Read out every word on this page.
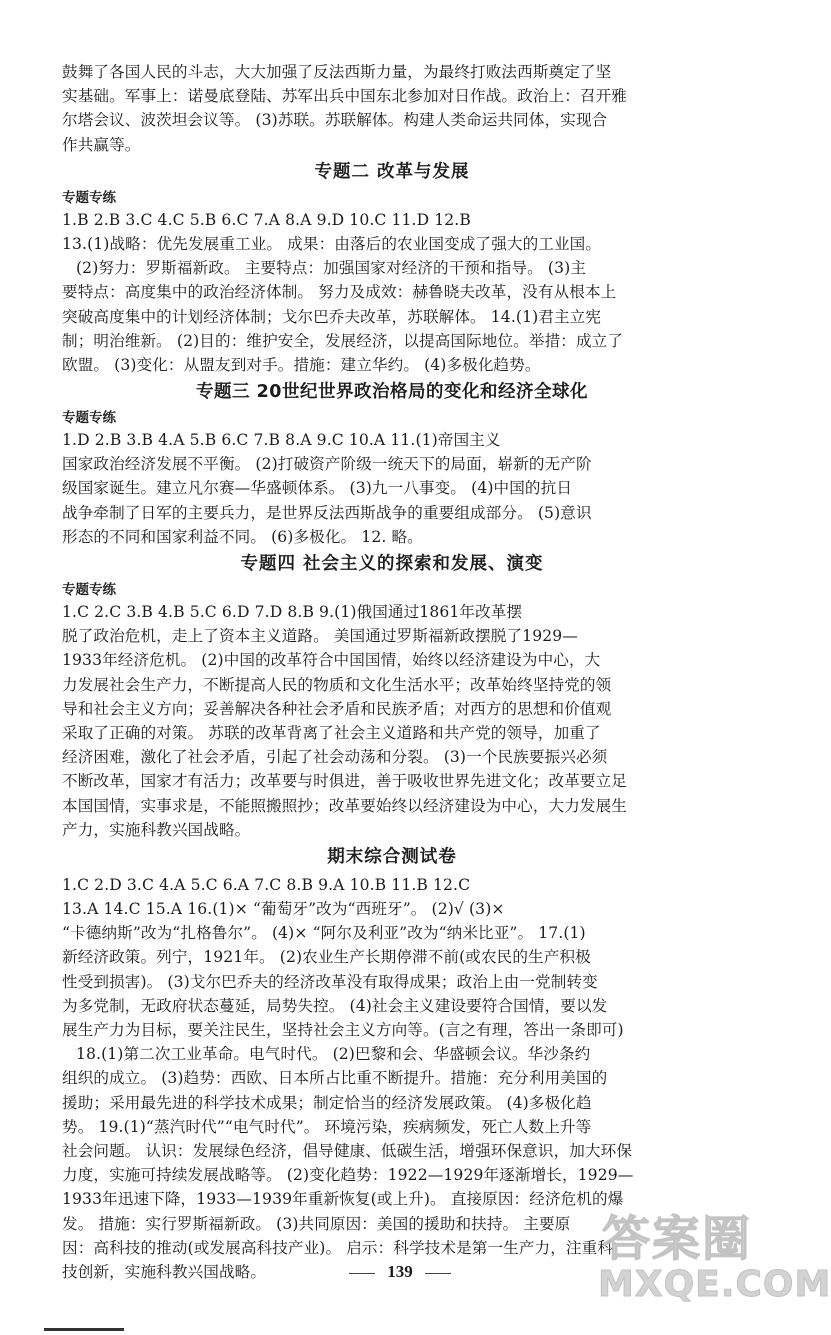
鼓舞了各国人民的斗志，大大加强了反法西斯力量，为最终打败法西斯奠定了坚

实基础。军事上：诺曼底登陆、苏军出兵中国东北参加对日作战。政治上：召开雅

尔塔会议、波茨坦会议等。 (3)苏联。苏联解体。构建人类命运共同体，实现合

作共赢等。

专题二 改革与发展
专题专练

1.B 2.B 3.C 4.C 5.B 6.C 7.A 8.A 9.D 10.C 11.D 12.B

13.(1)战略：优先发展重工业。 成果：由落后的农业国变成了强大的工业国。

(2)努力：罗斯福新政。 主要特点：加强国家对经济的干预和指导。 (3)主

要特点：高度集中的政治经济体制。 努力及成效：赫鲁晓夫改革，没有从根本上

突破高度集中的计划经济体制；戈尔巴乔夫改革，苏联解体。 14.(1)君主立宪

制；明治维新。 (2)目的：维护安全，发展经济，以提高国际地位。举措：成立了

欧盟。 (3)变化：从盟友到对手。措施：建立华约。 (4)多极化趋势。

专题三 20世纪世界政治格局的变化和经济全球化
专题专练

1.D 2.B 3.B 4.A 5.B 6.C 7.B 8.A 9.C 10.A 11.(1)帝国主义

国家政治经济发展不平衡。 (2)打破资产阶级一统天下的局面，崭新的无产阶

级国家诞生。建立凡尔赛—华盛顿体系。 (3)九一八事变。 (4)中国的抗日

战争牵制了日军的主要兵力，是世界反法西斯战争的重要组成部分。 (5)意识

形态的不同和国家利益不同。 (6)多极化。 12. 略。

专题四 社会主义的探索和发展、演变
专题专练

1.C 2.C 3.B 4.B 5.C 6.D 7.D 8.B 9.(1)俄国通过1861年改革摆

脱了政治危机，走上了资本主义道路。 美国通过罗斯福新政摆脱了1929—

1933年经济危机。 (2)中国的改革符合中国国情，始终以经济建设为中心，大

力发展社会生产力，不断提高人民的物质和文化生活水平；改革始终坚持党的领

导和社会主义方向；妥善解决各种社会矛盾和民族矛盾；对西方的思想和价值观

采取了正确的对策。 苏联的改革背离了社会主义道路和共产党的领导，加重了

经济困难，激化了社会矛盾，引起了社会动荡和分裂。 (3)一个民族要振兴必须

不断改革，国家才有活力；改革要与时俱进，善于吸收世界先进文化；改革要立足

本国国情，实事求是，不能照搬照抄；改革要始终以经济建设为中心，大力发展生

产力，实施科教兴国战略。

期末综合测试卷

1.C 2.D 3.C 4.A 5.C 6.A 7.C 8.B 9.A 10.B 11.B 12.C

13.A 14.C 15.A 16.(1)× “葡萄牙”改为“西班牙”。 (2)√ (3)×

“卡德纳斯”改为“扎格鲁尔”。 (4)× “阿尔及利亚”改为“纳米比亚”。 17.(1)

新经济政策。列宁，1921年。 (2)农业生产长期停滞不前(或农民的生产积极

性受到损害)。 (3)戈尔巴乔夫的经济改革没有取得成果；政治上由一党制转变

为多党制，无政府状态蔓延，局势失控。 (4)社会主义建设要符合国情，要以发

展生产力为目标，要关注民生，坚持社会主义方向等。(言之有理，答出一条即可)

18.(1)第二次工业革命。电气时代。 (2)巴黎和会、华盛顿会议。华沙条约

组织的成立。 (3)趋势：西欧、日本所占比重不断提升。措施：充分利用美国的

援助；采用最先进的科学技术成果；制定恰当的经济发展政策。 (4)多极化趋

势。 19.(1)“蒸汽时代”“电气时代”。 环境污染，疾病频发，死亡人数上升等

社会问题。 认识：发展绿色经济，倡导健康、低碳生活，增强环保意识，加大环保

力度，实施可持续发展战略等。 (2)变化趋势：1922—1929年逐渐增长，1929—

1933年迅速下降，1933—1939年重新恢复(或上升)。 直接原因：经济危机的爆

发。 措施：实行罗斯福新政。 (3)共同原因：美国的援助和扶持。 主要原

因：高科技的推动(或发展高科技产业)。 启示：科学技术是第一生产力，注重科

技创新，实施科教兴国战略。	139
答案圈
MXQE.COM
